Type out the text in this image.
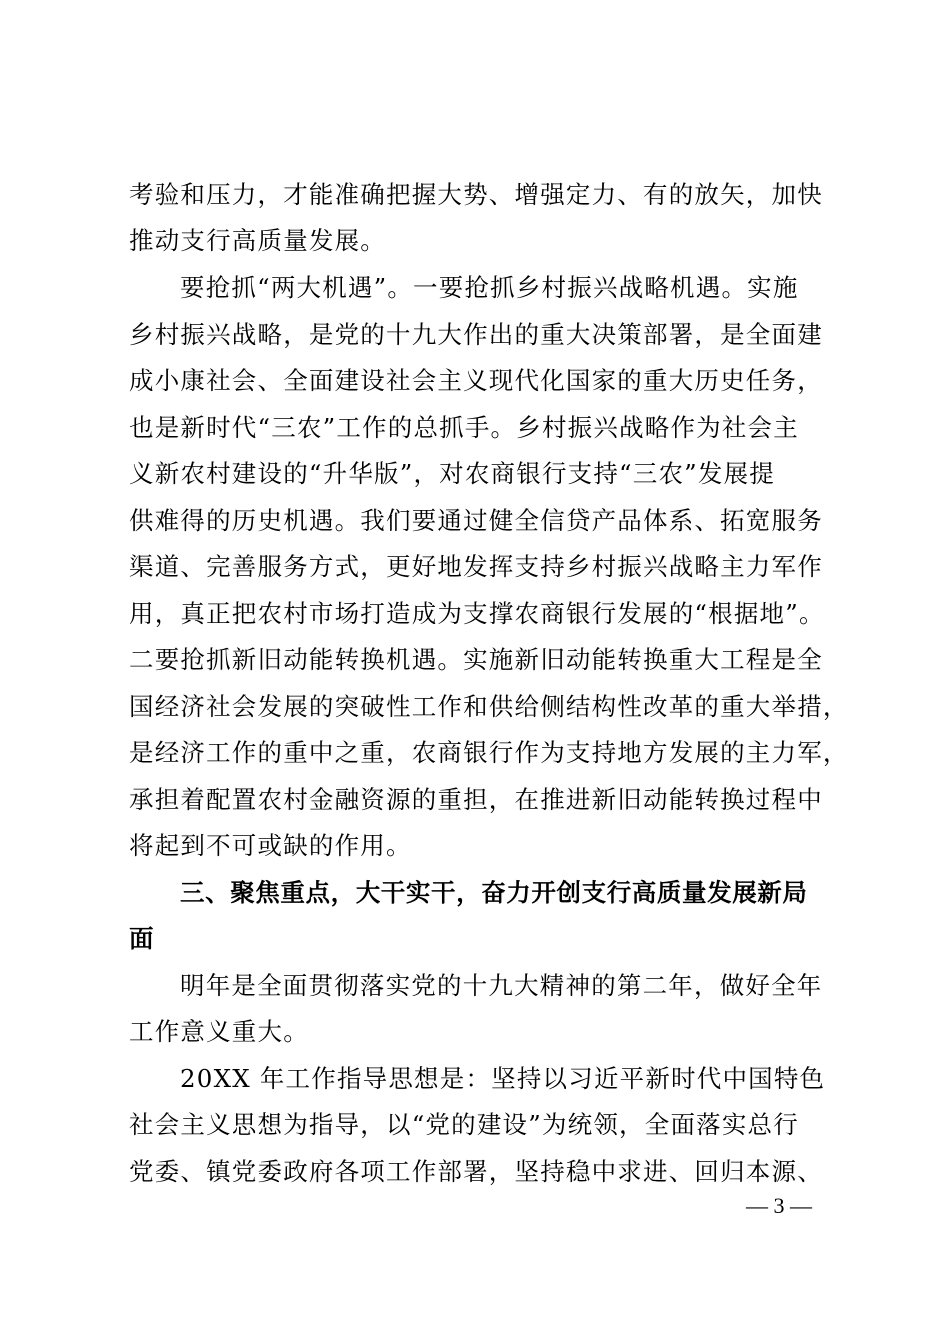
考验和压力，才能准确把握大势、增强定力、有的放矢，加快
推动支行高质量发展。
要抢抓“两大机遇”。一要抢抓乡村振兴战略机遇。实施
乡村振兴战略，是党的十九大作出的重大决策部署，是全面建
成小康社会、全面建设社会主义现代化国家的重大历史任务，
也是新时代“三农”工作的总抓手。乡村振兴战略作为社会主
义新农村建设的“升华版”，对农商银行支持“三农”发展提
供难得的历史机遇。我们要通过健全信贷产品体系、拓宽服务
渠道、完善服务方式，更好地发挥支持乡村振兴战略主力军作
用，真正把农村市场打造成为支撑农商银行发展的“根据地”。
二要抢抓新旧动能转换机遇。实施新旧动能转换重大工程是全
国经济社会发展的突破性工作和供给侧结构性改革的重大举措，
是经济工作的重中之重，农商银行作为支持地方发展的主力军，
承担着配置农村金融资源的重担，在推进新旧动能转换过程中
将起到不可或缺的作用。
三、聚焦重点，大干实干，奋力开创支行高质量发展新局
面
明年是全面贯彻落实党的十九大精神的第二年，做好全年
工作意义重大。
20XX 年工作指导思想是：坚持以习近平新时代中国特色
社会主义思想为指导，以“党的建设”为统领，全面落实总行
党委、镇党委政府各项工作部署，坚持稳中求进、回归本源、
— 3 —
